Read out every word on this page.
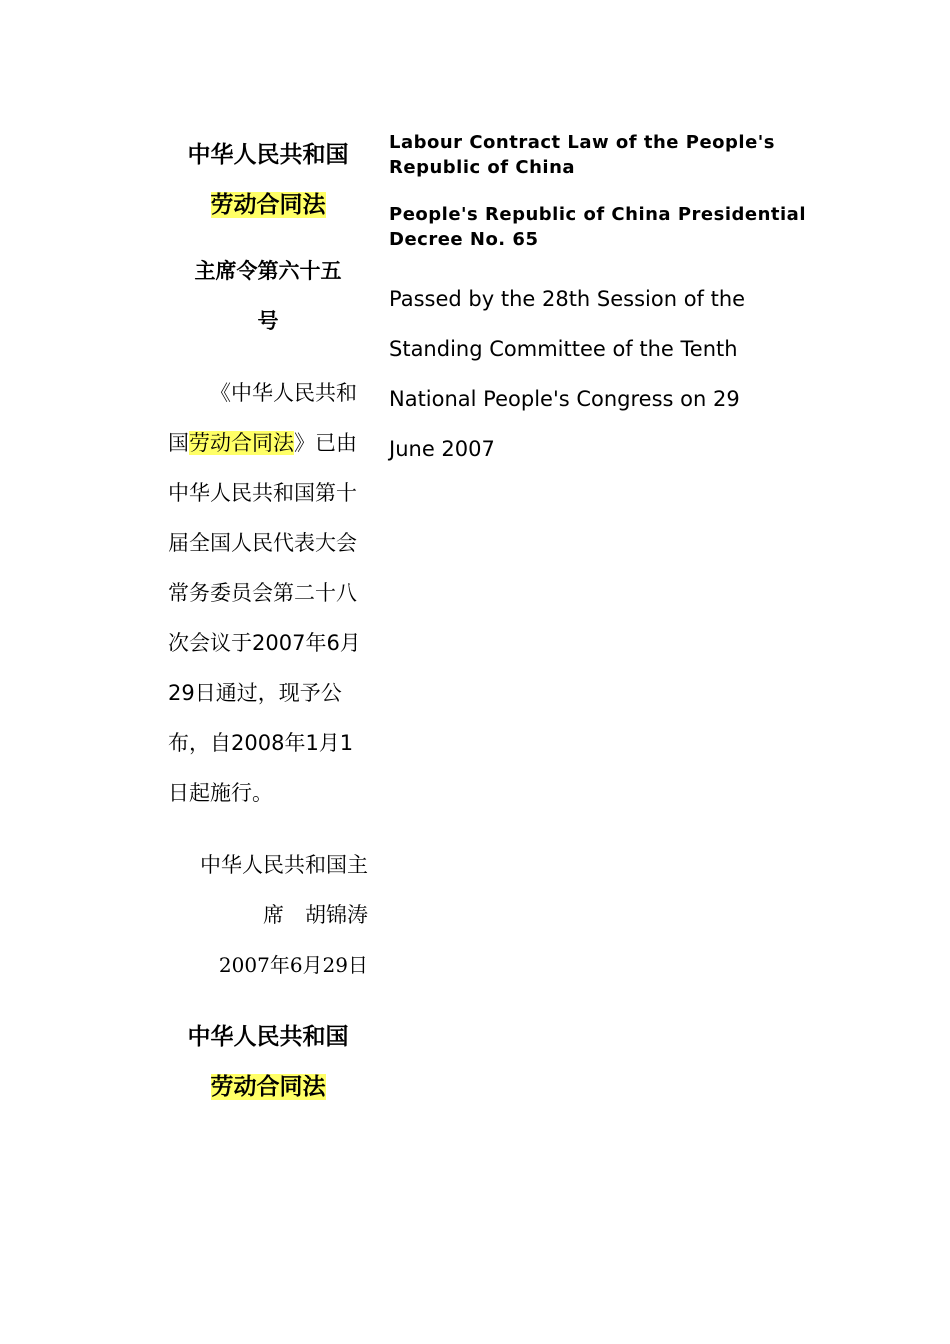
中华人民共和国
劳动合同法

主席令第六十五
号

《中华人民共和国劳动合同法》已由中华人民共和国第十届全国人民代表大会常务委员会第二十八次会议于2007年6月29日通过，现予公布，自2008年1月1日起施行。

中华人民共和国主
席　胡锦涛

2007年6月29日

中华人民共和国
劳动合同法

Labour Contract Law of the People's Republic of China

People's Republic of China Presidential Decree No. 65

Passed by the 28th Session of the Standing Committee of the Tenth National People's Congress on 29 June 2007
